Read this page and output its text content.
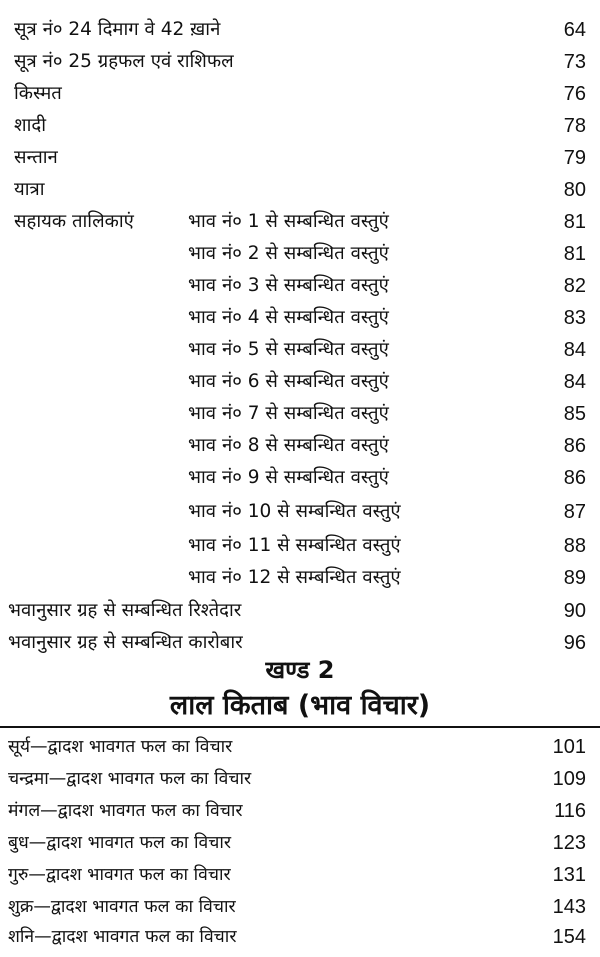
सूत्र नं० 24 दिमाग वे 42 ख़ाने	64
सूत्र नं० 25 ग्रहफल एवं राशिफल	73
किस्मत	76
शादी	78
सन्तान	79
यात्रा	80
सहायक तालिकाएं	भाव नं० 1 से सम्बन्धित वस्तुएं	81
भाव नं० 2 से सम्बन्धित वस्तुएं	81
भाव नं० 3 से सम्बन्धित वस्तुएं	82
भाव नं० 4 से सम्बन्धित वस्तुएं	83
भाव नं० 5 से सम्बन्धित वस्तुएं	84
भाव नं० 6 से सम्बन्धित वस्तुएं	84
भाव नं० 7 से सम्बन्धित वस्तुएं	85
भाव नं० 8 से सम्बन्धित वस्तुएं	86
भाव नं० 9 से सम्बन्धित वस्तुएं	86
भाव नं० 10 से सम्बन्धित वस्तुएं	87
भाव नं० 11 से सम्बन्धित वस्तुएं	88
भाव नं० 12 से सम्बन्धित वस्तुएं	89
भवानुसार ग्रह से सम्बन्धित रिश्तेदार	90
भवानुसार ग्रह से सम्बन्धित कारोबार	96
खण्ड 2
लाल किताब (भाव विचार)
सूर्य—द्वादश भावगत फल का विचार	101
चन्द्रमा—द्वादश भावगत फल का विचार	109
मंगल—द्वादश भावगत फल का विचार	116
बुध—द्वादश भावगत फल का विचार	123
गुरु—द्वादश भावगत फल का विचार	131
शुक्र—द्वादश भावगत फल का विचार	143
शनि—द्वादश भावगत फल का विचार	154
